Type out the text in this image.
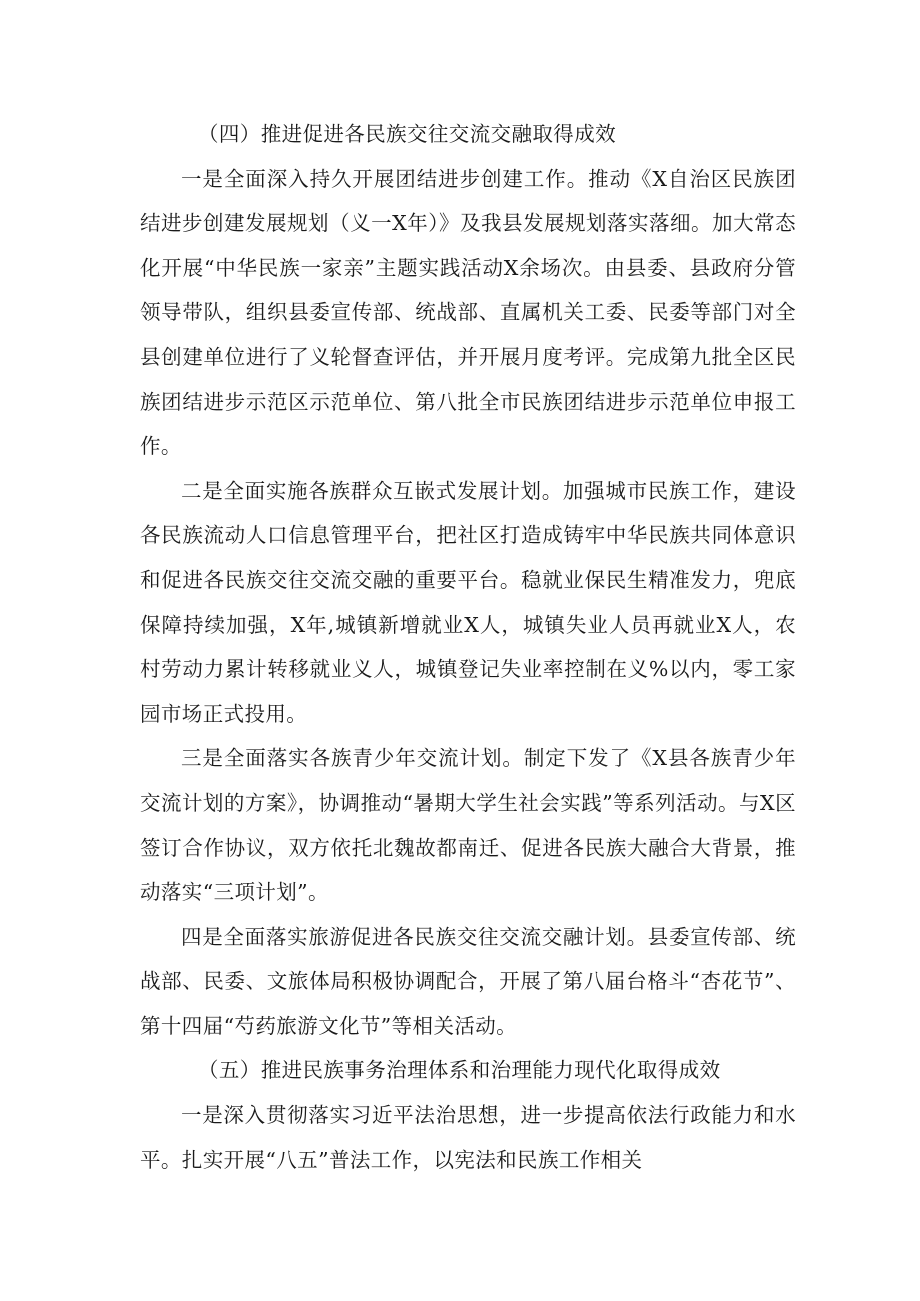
（四）推进促进各民族交往交流交融取得成效

一是全面深入持久开展团结进步创建工作。推动《X自治区民族团结进步创建发展规划（义一X年）》及我县发展规划落实落细。加大常态化开展“中华民族一家亲”主题实践活动X余场次。由县委、县政府分管领导带队，组织县委宣传部、统战部、直属机关工委、民委等部门对全县创建单位进行了义轮督查评估，并开展月度考评。完成第九批全区民族团结进步示范区示范单位、第八批全市民族团结进步示范单位申报工作。

二是全面实施各族群众互嵌式发展计划。加强城市民族工作，建设各民族流动人口信息管理平台，把社区打造成铸牢中华民族共同体意识和促进各民族交往交流交融的重要平台。稳就业保民生精准发力，兜底保障持续加强，X年,城镇新增就业X人，城镇失业人员再就业X人，农村劳动力累计转移就业义人，城镇登记失业率控制在义%以内，零工家园市场正式投用。

三是全面落实各族青少年交流计划。制定下发了《X县各族青少年交流计划的方案》，协调推动“暑期大学生社会实践”等系列活动。与X区签订合作协议，双方依托北魏故都南迁、促进各民族大融合大背景，推动落实“三项计划”。

四是全面落实旅游促进各民族交往交流交融计划。县委宣传部、统战部、民委、文旅体局积极协调配合，开展了第八届台格斗“杏花节”、第十四届“芍药旅游文化节”等相关活动。

（五）推进民族事务治理体系和治理能力现代化取得成效

一是深入贯彻落实习近平法治思想，进一步提高依法行政能力和水平。扎实开展“八五”普法工作，以宪法和民族工作相关
